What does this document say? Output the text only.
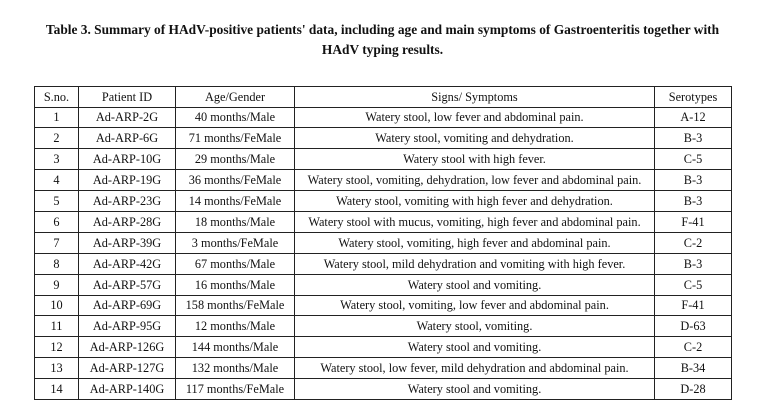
Table 3. Summary of HAdV-positive patients' data, including age and main symptoms of Gastroenteritis together with
HAdV typing results.
S.no.	Patient ID	Age/Gender	Signs/ Symptoms	Serotypes
1	Ad-ARP-2G	40 months/Male	Watery stool, low fever and abdominal pain.	A-12
2	Ad-ARP-6G	71 months/FeMale	Watery stool, vomiting and dehydration.	B-3
3	Ad-ARP-10G	29 months/Male	Watery stool with high fever.	C-5
4	Ad-ARP-19G	36 months/FeMale	Watery stool, vomiting, dehydration, low fever and abdominal pain.	B-3
5	Ad-ARP-23G	14 months/FeMale	Watery stool, vomiting with high fever and dehydration.	B-3
6	Ad-ARP-28G	18 months/Male	Watery stool with mucus, vomiting, high fever and abdominal pain.	F-41
7	Ad-ARP-39G	3 months/FeMale	Watery stool, vomiting, high fever and abdominal pain.	C-2
8	Ad-ARP-42G	67 months/Male	Watery stool, mild dehydration and vomiting with high fever.	B-3
9	Ad-ARP-57G	16 months/Male	Watery stool and vomiting.	C-5
10	Ad-ARP-69G	158 months/FeMale	Watery stool, vomiting, low fever and abdominal pain.	F-41
11	Ad-ARP-95G	12 months/Male	Watery stool, vomiting.	D-63
12	Ad-ARP-126G	144 months/Male	Watery stool and vomiting.	C-2
13	Ad-ARP-127G	132 months/Male	Watery stool, low fever, mild dehydration and abdominal pain.	B-34
14	Ad-ARP-140G	117 months/FeMale	Watery stool and vomiting.	D-28
